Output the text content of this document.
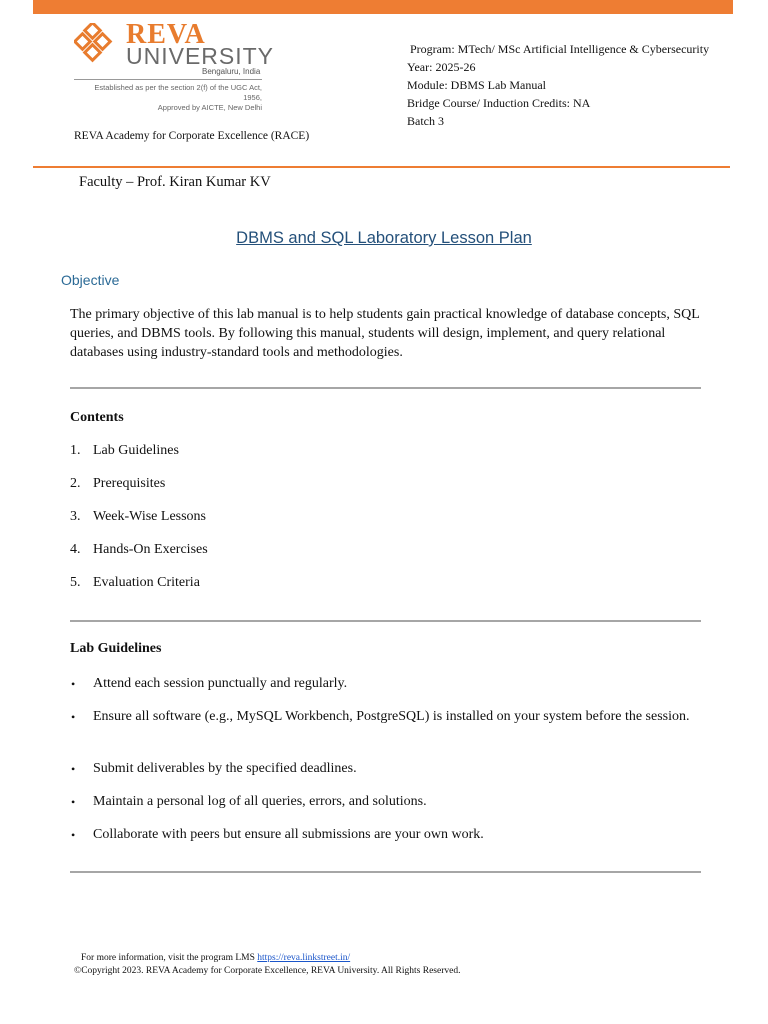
REVA
UNIVERSITY
Bengaluru, India
Established as per the section 2(f) of the UGC Act, 1956,
Approved by AICTE, New Delhi
REVA Academy for Corporate Excellence (RACE)
Program: MTech/ MSc Artificial Intelligence & Cybersecurity
Year: 2025-26
Module: DBMS Lab Manual
Bridge Course/ Induction Credits: NA
Batch 3
Faculty – Prof. Kiran Kumar KV
DBMS and SQL Laboratory Lesson Plan
Objective
The primary objective of this lab manual is to help students gain practical knowledge of database concepts, SQL queries, and DBMS tools. By following this manual, students will design, implement, and query relational databases using industry-standard tools and methodologies.
Contents
1. Lab Guidelines
2. Prerequisites
3. Week-Wise Lessons
4. Hands-On Exercises
5. Evaluation Criteria
Lab Guidelines
•	Attend each session punctually and regularly.
•	Ensure all software (e.g., MySQL Workbench, PostgreSQL) is installed on your system before the session.
•	Submit deliverables by the specified deadlines.
•	Maintain a personal log of all queries, errors, and solutions.
•	Collaborate with peers but ensure all submissions are your own work.
For more information, visit the program LMS https://reva.linkstreet.in/
©Copyright 2023. REVA Academy for Corporate Excellence, REVA University. All Rights Reserved.
